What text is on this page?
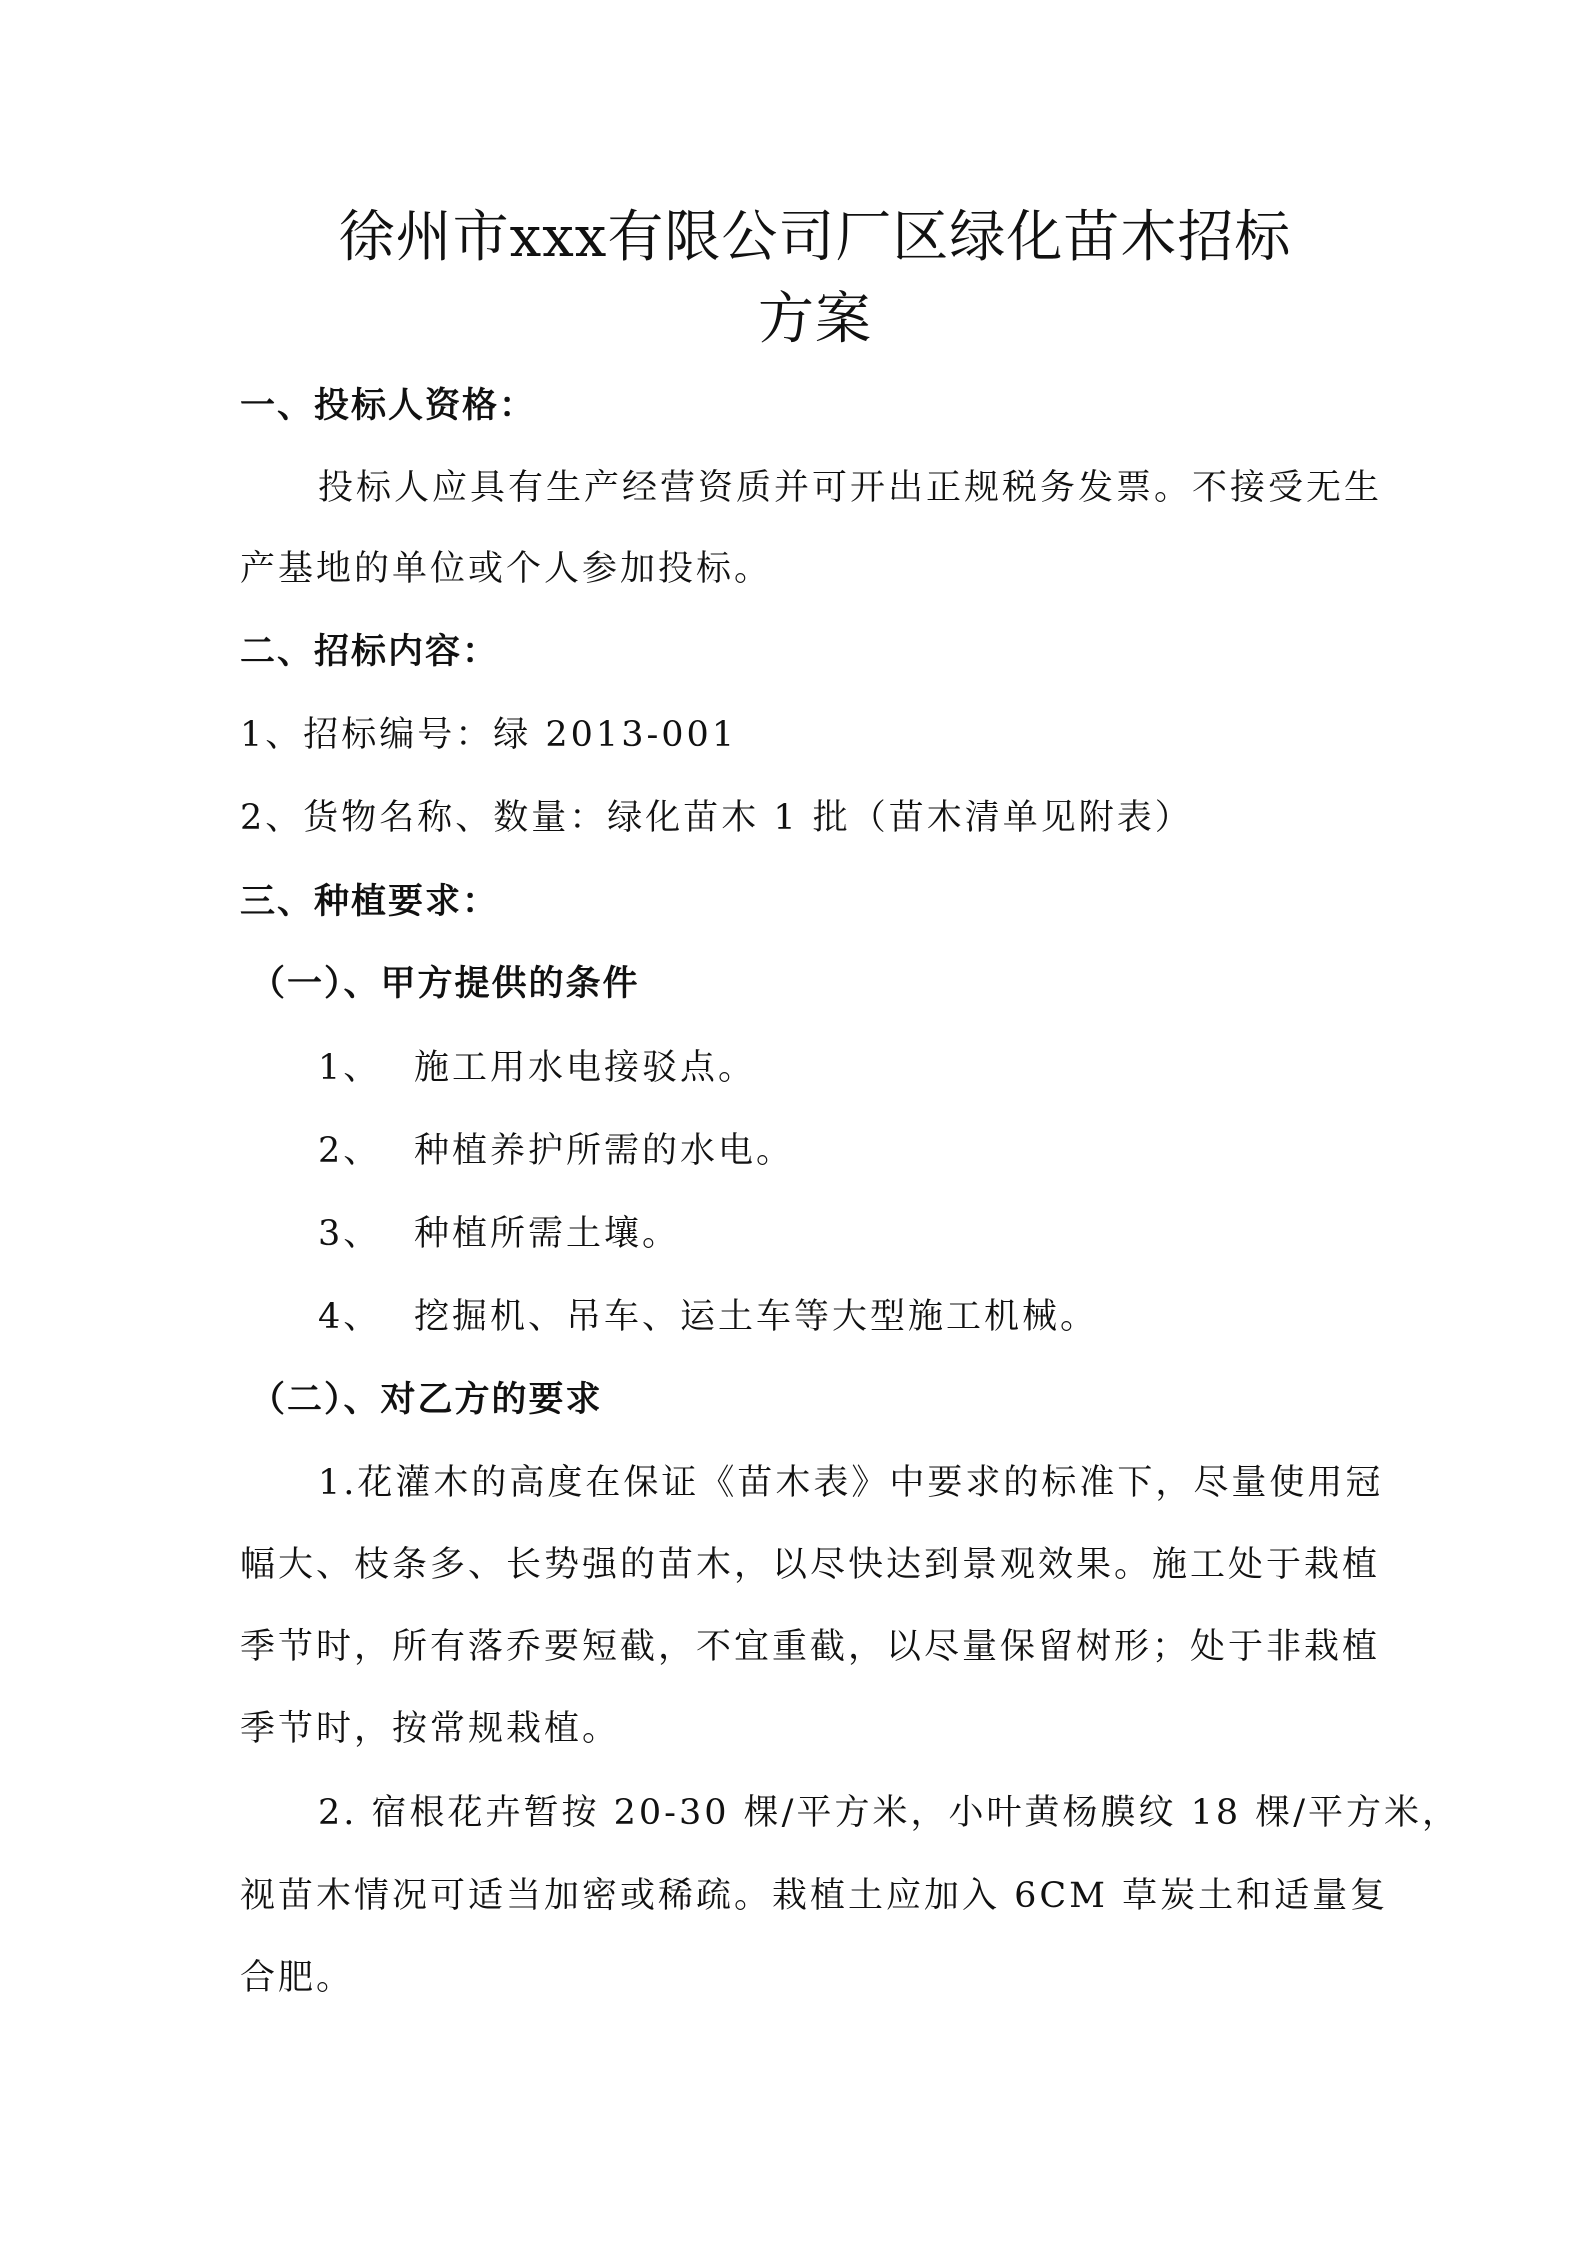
徐州市xxx有限公司厂区绿化苗木招标
方案
一、投标人资格：
投标人应具有生产经营资质并可开出正规税务发票。不接受无生
产基地的单位或个人参加投标。
二、招标内容：
1、招标编号：绿 2013-001
2、货物名称、数量：绿化苗木 1 批（苗木清单见附表）
三、种植要求：
（一）、甲方提供的条件
1、 施工用水电接驳点。
2、 种植养护所需的水电。
3、 种植所需土壤。
4、 挖掘机、吊车、运土车等大型施工机械。
（二）、对乙方的要求
1.花灌木的高度在保证《苗木表》中要求的标准下，尽量使用冠
幅大、枝条多、长势强的苗木，以尽快达到景观效果。施工处于栽植
季节时，所有落乔要短截，不宜重截，以尽量保留树形；处于非栽植
季节时，按常规栽植。
2. 宿根花卉暂按 20-30 棵/平方米，小叶黄杨膜纹 18 棵/平方米，
视苗木情况可适当加密或稀疏。栽植土应加入 6CM 草炭土和适量复
合肥。
